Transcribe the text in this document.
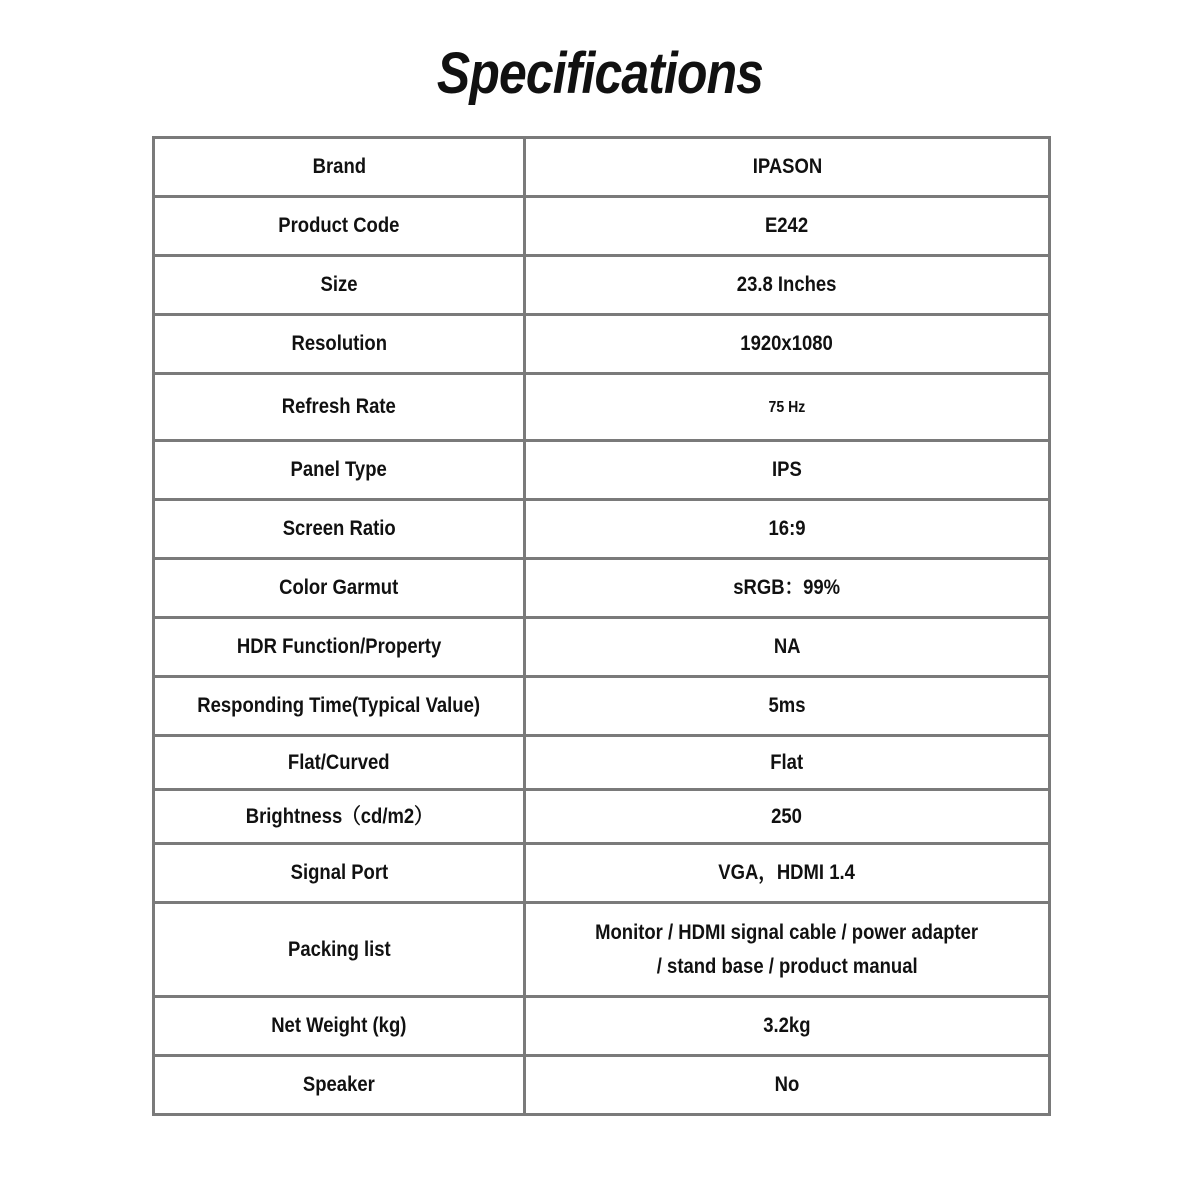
Specifications
Brand	IPASON
Product Code	E242
Size	23.8 Inches
Resolution	1920x1080
Refresh Rate	75 Hz
Panel Type	IPS
Screen Ratio	16:9
Color Garmut	sRGB：99%
HDR Function/Property	NA
Responding Time(Typical Value)	5ms
Flat/Curved	Flat
Brightness（cd/m2）	250
Signal Port	VGA，HDMI 1.4
Packing list	Monitor / HDMI signal cable / power adapter
/ stand base / product manual
Net Weight (kg)	3.2kg
Speaker	No
